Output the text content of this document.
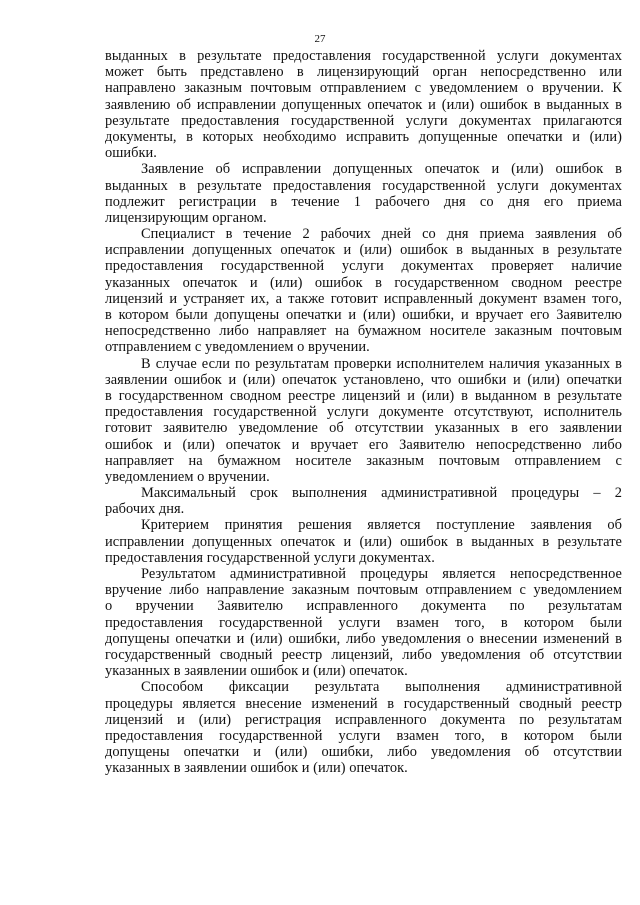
27
выданных в результате предоставления государственной услуги документах
может быть представлено в лицензирующий орган непосредственно или
направлено заказным почтовым отправлением с уведомлением о вручении. К
заявлению об исправлении допущенных опечаток и (или) ошибок в выданных в
результате предоставления государственной услуги документах прилагаются
документы, в которых необходимо исправить допущенные опечатки и (или)
ошибки.
Заявление об исправлении допущенных опечаток и (или) ошибок в
выданных в результате предоставления государственной услуги документах
подлежит регистрации в течение 1 рабочего дня со дня его приема
лицензирующим органом.
Специалист в течение 2 рабочих дней со дня приема заявления об
исправлении допущенных опечаток и (или) ошибок в выданных в результате
предоставления государственной услуги документах проверяет наличие
указанных опечаток и (или) ошибок в государственном сводном реестре
лицензий и устраняет их, а также готовит исправленный документ взамен того,
в котором были допущены опечатки и (или) ошибки, и вручает его Заявителю
непосредственно либо направляет на бумажном носителе заказным почтовым
отправлением с уведомлением о вручении.
В случае если по результатам проверки исполнителем наличия указанных в
заявлении ошибок и (или) опечаток установлено, что ошибки и (или) опечатки
в государственном сводном реестре лицензий и (или) в выданном в результате
предоставления государственной услуги документе отсутствуют, исполнитель
готовит заявителю уведомление об отсутствии указанных в его заявлении
ошибок и (или) опечаток и вручает его Заявителю непосредственно либо
направляет на бумажном носителе заказным почтовым отправлением с
уведомлением о вручении.
Максимальный срок выполнения административной процедуры – 2
рабочих дня.
Критерием принятия решения является поступление заявления об
исправлении допущенных опечаток и (или) ошибок в выданных в результате
предоставления государственной услуги документах.
Результатом административной процедуры является непосредственное
вручение либо направление заказным почтовым отправлением с уведомлением
о вручении Заявителю исправленного документа по результатам
предоставления государственной услуги взамен того, в котором были
допущены опечатки и (или) ошибки, либо уведомления о внесении изменений в
государственный сводный реестр лицензий, либо уведомления об отсутствии
указанных в заявлении ошибок и (или) опечаток.
Способом фиксации результата выполнения административной
процедуры является внесение изменений в государственный сводный реестр
лицензий и (или) регистрация исправленного документа по результатам
предоставления государственной услуги взамен того, в котором были
допущены опечатки и (или) ошибки, либо уведомления об отсутствии
указанных в заявлении ошибок и (или) опечаток.
